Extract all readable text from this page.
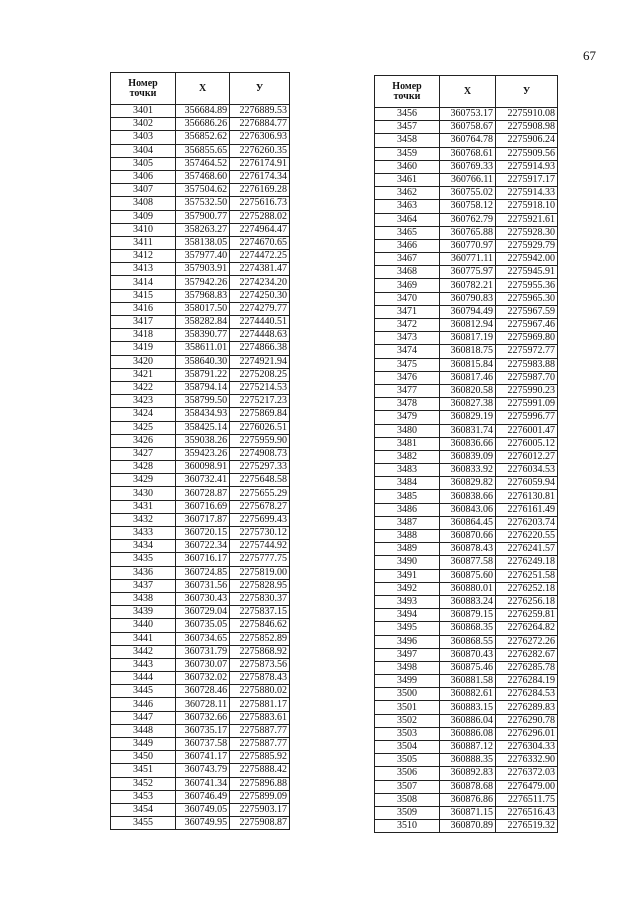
67
Номер
точки	X	У
3401	356684.89	2276889.53
3402	356686.26	2276884.77
3403	356852.62	2276306.93
3404	356855.65	2276260.35
3405	357464.52	2276174.91
3406	357468.60	2276174.34
3407	357504.62	2276169.28
3408	357532.50	2275616.73
3409	357900.77	2275288.02
3410	358263.27	2274964.47
3411	358138.05	2274670.65
3412	357977.40	2274472.25
3413	357903.91	2274381.47
3414	357942.26	2274234.20
3415	357968.83	2274250.30
3416	358017.50	2274279.77
3417	358282.84	2274440.51
3418	358390.77	2274448.63
3419	358611.01	2274866.38
3420	358640.30	2274921.94
3421	358791.22	2275208.25
3422	358794.14	2275214.53
3423	358799.50	2275217.23
3424	358434.93	2275869.84
3425	358425.14	2276026.51
3426	359038.26	2275959.90
3427	359423.26	2274908.73
3428	360098.91	2275297.33
3429	360732.41	2275648.58
3430	360728.87	2275655.29
3431	360716.69	2275678.27
3432	360717.87	2275699.43
3433	360720.15	2275730.12
3434	360722.34	2275744.92
3435	360716.17	2275777.75
3436	360724.85	2275819.00
3437	360731.56	2275828.95
3438	360730.43	2275830.37
3439	360729.04	2275837.15
3440	360735.05	2275846.62
3441	360734.65	2275852.89
3442	360731.79	2275868.92
3443	360730.07	2275873.56
3444	360732.02	2275878.43
3445	360728.46	2275880.02
3446	360728.11	2275881.17
3447	360732.66	2275883.61
3448	360735.17	2275887.77
3449	360737.58	2275887.77
3450	360741.17	2275885.92
3451	360743.79	2275888.42
3452	360741.34	2275896.88
3453	360746.49	2275899.09
3454	360749.05	2275903.17
3455	360749.95	2275908.87
Номер
точки	X	У
3456	360753.17	2275910.08
3457	360758.67	2275908.98
3458	360764.78	2275906.24
3459	360768.61	2275909.56
3460	360769.33	2275914.93
3461	360766.11	2275917.17
3462	360755.02	2275914.33
3463	360758.12	2275918.10
3464	360762.79	2275921.61
3465	360765.88	2275928.30
3466	360770.97	2275929.79
3467	360771.11	2275942.00
3468	360775.97	2275945.91
3469	360782.21	2275955.36
3470	360790.83	2275965.30
3471	360794.49	2275967.59
3472	360812.94	2275967.46
3473	360817.19	2275969.80
3474	360818.75	2275972.77
3475	360815.84	2275983.88
3476	360817.46	2275987.70
3477	360820.58	2275990.23
3478	360827.38	2275991.09
3479	360829.19	2275996.77
3480	360831.74	2276001.47
3481	360836.66	2276005.12
3482	360839.09	2276012.27
3483	360833.92	2276034.53
3484	360829.82	2276059.94
3485	360838.66	2276130.81
3486	360843.06	2276161.49
3487	360864.45	2276203.74
3488	360870.66	2276220.55
3489	360878.43	2276241.57
3490	360877.58	2276249.18
3491	360875.60	2276251.58
3492	360880.01	2276252.18
3493	360883.24	2276256.18
3494	360879.15	2276259.81
3495	360868.35	2276264.82
3496	360868.55	2276272.26
3497	360870.43	2276282.67
3498	360875.46	2276285.78
3499	360881.58	2276284.19
3500	360882.61	2276284.53
3501	360883.15	2276289.83
3502	360886.04	2276290.78
3503	360886.08	2276296.01
3504	360887.12	2276304.33
3505	360888.35	2276332.90
3506	360892.83	2276372.03
3507	360878.68	2276479.00
3508	360876.86	2276511.75
3509	360871.15	2276516.43
3510	360870.89	2276519.32
